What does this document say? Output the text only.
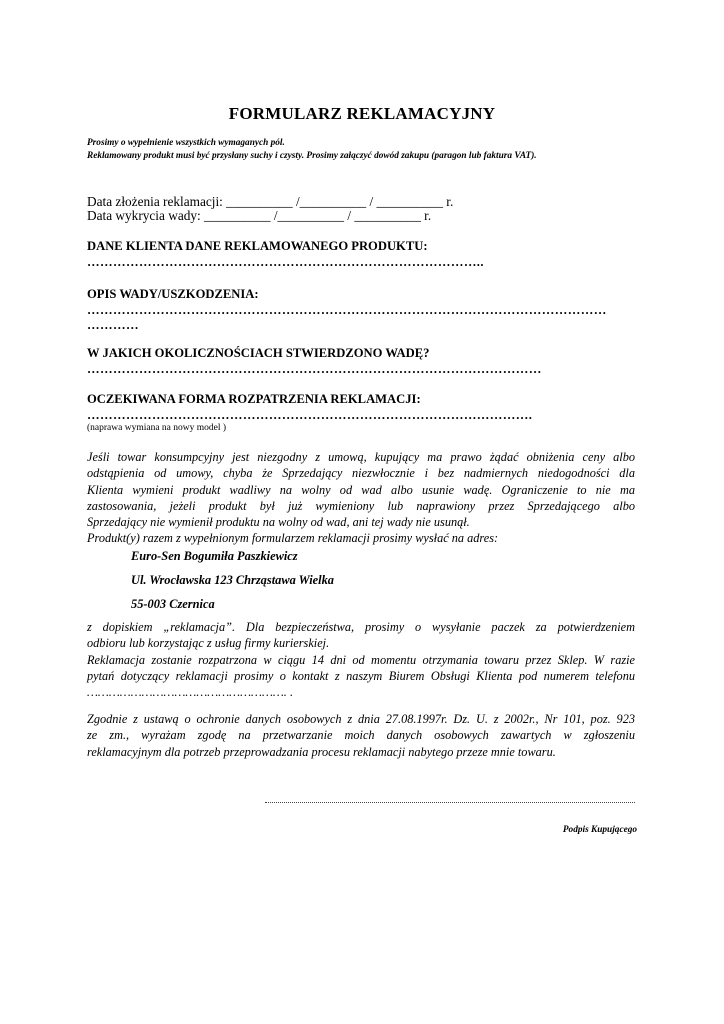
FORMULARZ REKLAMACYJNY
Prosimy o wypełnienie wszystkich wymaganych pól.
Reklamowany produkt musi być przysłany suchy i czysty. Prosimy załączyć dowód zakupu (paragon lub faktura VAT).
Data złożenia reklamacji: __________ /__________ / __________ r.
Data wykrycia wady: __________ /__________ / __________ r.
DANE KLIENTA DANE REKLAMOWANEGO PRODUKTU:
………………………………………………………………………………..
OPIS WADY/USZKODZENIA:
…………………………………………………………………………………………………………
…………
W JAKICH OKOLICZNOŚCIACH STWIERDZONO WADĘ?
……………………………………………………………………………………………
OCZEKIWANA FORMA ROZPATRZENIA REKLAMACJI:
………………………………………………………………………………………….
(naprawa wymiana na nowy model )

Jeśli towar konsumpcyjny jest niezgodny z umową, kupujący ma prawo żądać obniżenia ceny albo

odstąpienia od umowy, chyba że Sprzedający niezwłocznie i bez nadmiernych niedogodności dla

Klienta wymieni produkt wadliwy na wolny od wad albo usunie wadę. Ograniczenie to nie ma

zastosowania, jeżeli produkt był już wymieniony lub naprawiony przez Sprzedającego albo

Sprzedający nie wymienił produktu na wolny od wad, ani tej wady nie usunął.

Produkt(y) razem z wypełnionym formularzem reklamacji prosimy wysłać na adres:

Euro-Sen Bogumiła Paszkiewicz
Ul. Wrocławska 123 Chrząstawa Wielka
55-003 Czernica

z dopiskiem „reklamacja”. Dla bezpieczeństwa, prosimy o wysyłanie paczek za potwierdzeniem

odbioru lub korzystając z usług firmy kurierskiej.

Reklamacja zostanie rozpatrzona w ciągu 14 dni od momentu otrzymania towaru przez Sklep. W razie

pytań dotyczący reklamacji prosimy o kontakt z naszym Biurem Obsługi Klienta pod numerem telefonu

………………………………………………. .

Zgodnie z ustawą o ochronie danych osobowych z dnia 27.08.1997r. Dz. U. z 2002r., Nr 101, poz. 923

ze zm., wyrażam zgodę na przetwarzanie moich danych osobowych zawartych w zgłoszeniu

reklamacyjnym dla potrzeb przeprowadzania procesu reklamacji nabytego przeze mnie towaru.

Podpis Kupującego
